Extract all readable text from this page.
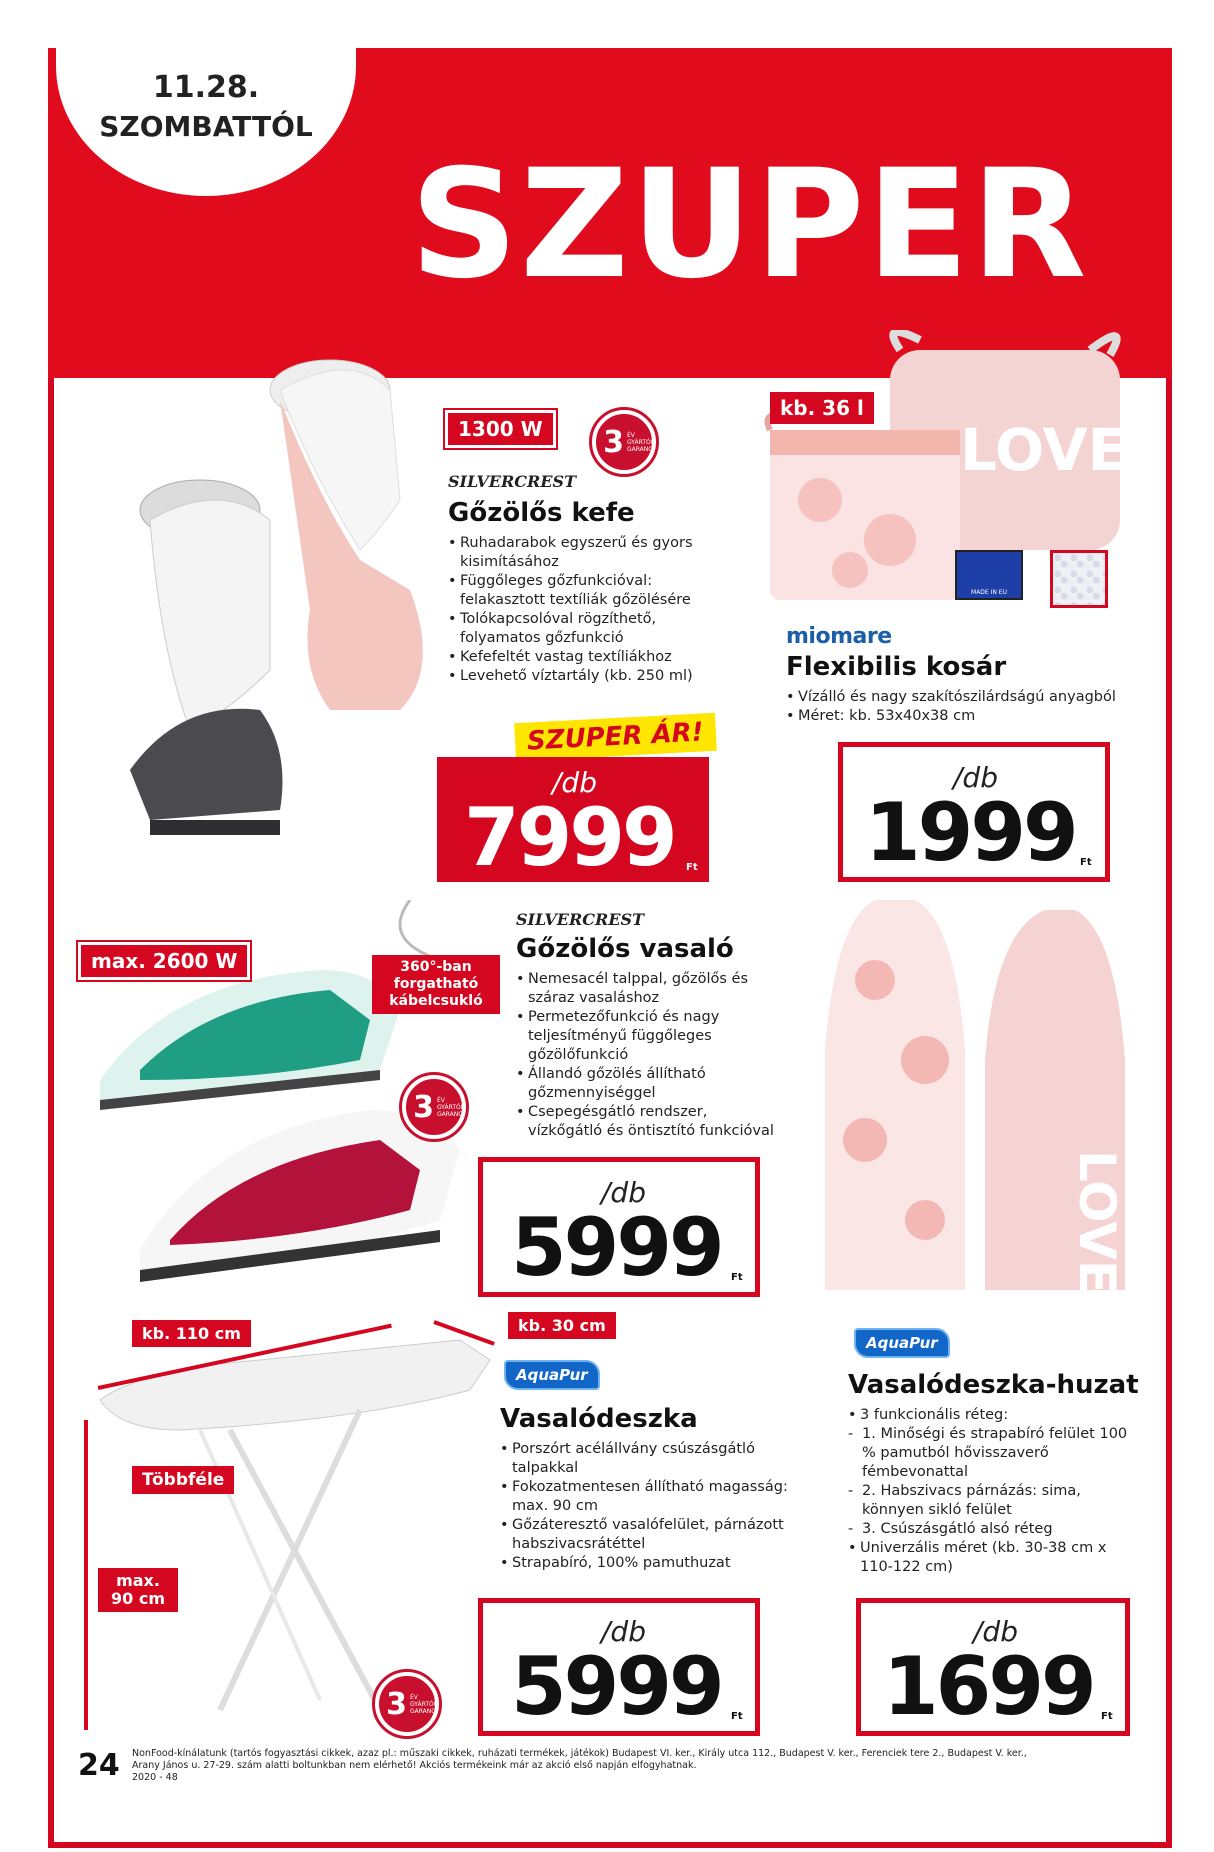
11.28.
SZOMBATTÓL
SZUPER
1300 W	3 ÉV GYÁRTÓI GARANCIA
SILVERCREST
Gőzölős kefe
• Ruhadarabok egyszerű és gyors kisimításához
• Függőleges gőzfunkcióval: felakasztott textíliák gőzölésére
• Tolókapcsolóval rögzíthető, folyamatos gőzfunkció
• Kefefeltét vastag textíliákhoz
• Levehető víztartály (kb. 250 ml)
SZUPER ÁR!
/db
7999 Ft
LOVE
kb. 36 l
MADE IN EU
miomare
Flexibilis kosár
• Vízálló és nagy szakítószilárdságú anyagból
• Méret: kb. 53x40x38 cm
/db
1999 Ft
max. 2600 W	360°-ban forgatható kábelcsukló
3 ÉV GYÁRTÓI GARANCIA
SILVERCREST
Gőzölős vasaló
• Nemesacél talppal, gőzölős és száraz vasaláshoz
• Permetezőfunkció és nagy teljesítményű függőleges gőzölőfunkció
• Állandó gőzölés állítható gőzmennyiséggel
• Csepegésgátló rendszer, vízkőgátló és öntisztító funkcióval
/db
5999 Ft	LOVE
kb. 110 cm	kb. 30 cm
Többféle
max. 90 cm
3 ÉV GYÁRTÓI GARANCIA
AquaPur
Vasalódeszka
• Porszórt acélállvány csúszásgátló talpakkal
• Fokozatmentesen állítható magasság: max. 90 cm
• Gőzáteresztő vasalófelület, párnázott habszivacsrátéttel
• Strapabíró, 100% pamuthuzat
/db
5999 Ft
AquaPur
Vasalódeszka-huzat
• 3 funkcionális réteg:
- 1. Minőségi és strapabíró felület 100 % pamutból hővisszaverő fémbevonattal
- 2. Habszivacs párnázás: sima, könnyen sikló felület
- 3. Csúszásgátló alsó réteg
• Univerzális méret (kb. 30-38 cm x 110-122 cm)
/db
1699 Ft
24 NonFood-kínálatunk (tartós fogyasztási cikkek, azaz pl.: műszaki cikkek, ruházati termékek, játékok) Budapest VI. ker., Király utca 112., Budapest V. ker., Ferenciek tere 2., Budapest V. ker., Arany János u. 27-29. szám alatti boltunkban nem elérhető! Akciós termékeink már az akció első napján elfogyhatnak.
2020 - 48
